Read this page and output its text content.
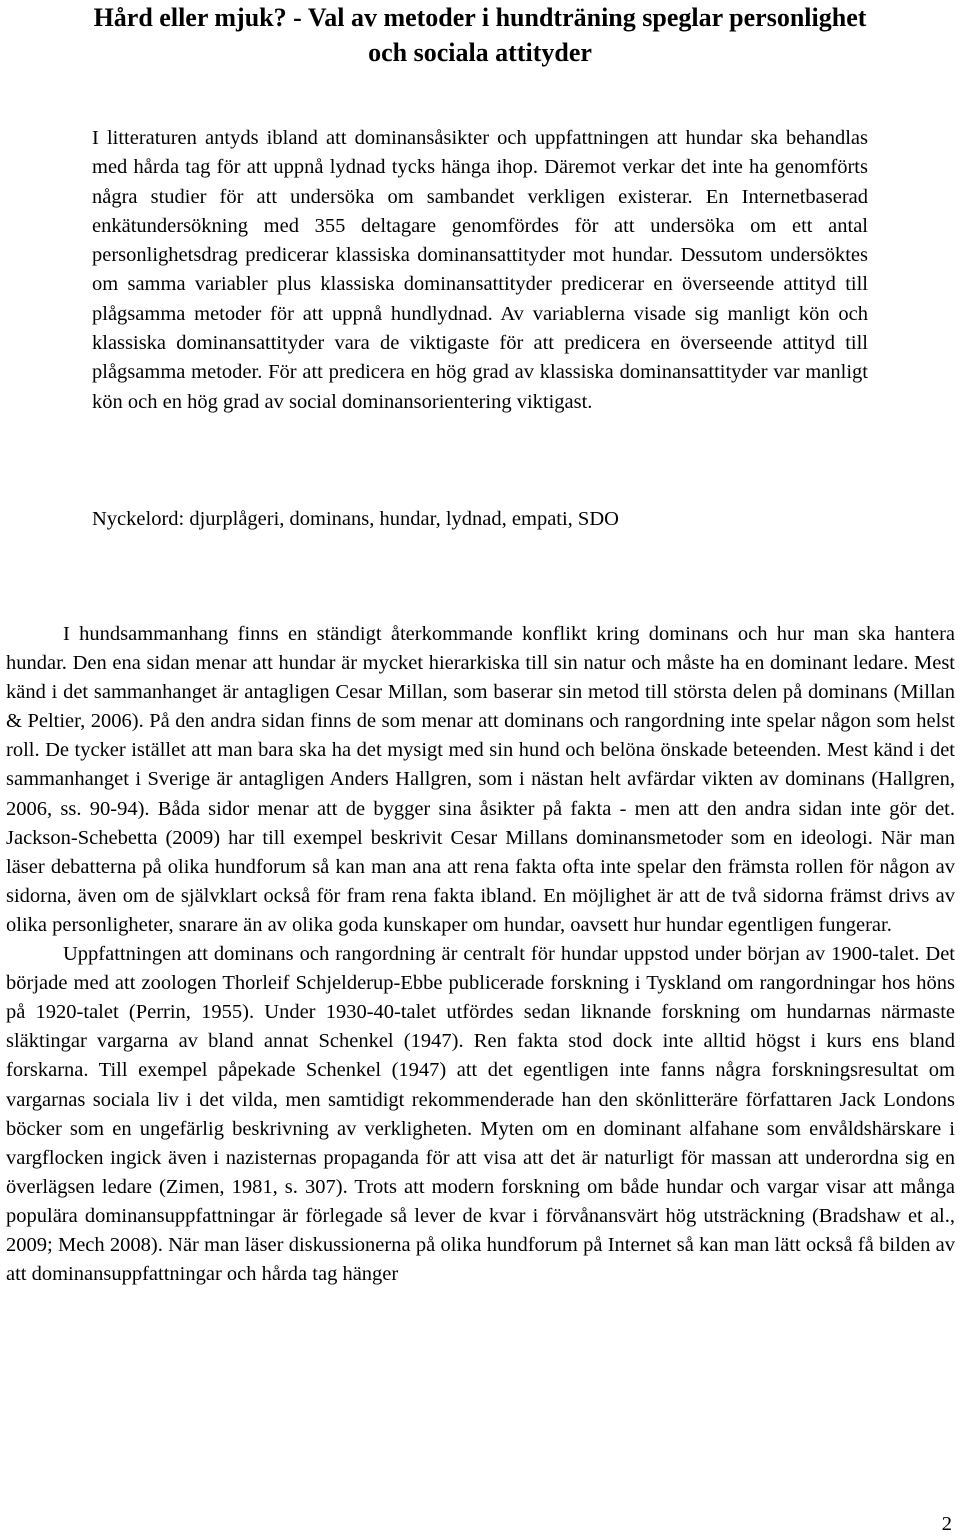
Hård eller mjuk? - Val av metoder i hundträning speglar personlighet och sociala attityder

I litteraturen antyds ibland att dominansåsikter och uppfattningen att hundar ska behandlas med hårda tag för att uppnå lydnad tycks hänga ihop. Däremot verkar det inte ha genomförts några studier för att undersöka om sambandet verkligen existerar. En Internetbaserad enkätundersökning med 355 deltagare genomfördes för att undersöka om ett antal personlighetsdrag predicerar klassiska dominansattityder mot hundar. Dessutom undersöktes om samma variabler plus klassiska dominansattityder predicerar en överseende attityd till plågsamma metoder för att uppnå hundlydnad. Av variablerna visade sig manligt kön och klassiska dominansattityder vara de viktigaste för att predicera en överseende attityd till plågsamma metoder. För att predicera en hög grad av klassiska dominansattityder var manligt kön och en hög grad av social dominansorientering viktigast.

Nyckelord: djurplågeri, dominans, hundar, lydnad, empati, SDO

I hundsammanhang finns en ständigt återkommande konflikt kring dominans och hur man ska hantera hundar. Den ena sidan menar att hundar är mycket hierarkiska till sin natur och måste ha en dominant ledare. Mest känd i det sammanhanget är antagligen Cesar Millan, som baserar sin metod till största delen på dominans (Millan & Peltier, 2006). På den andra sidan finns de som menar att dominans och rangordning inte spelar någon som helst roll. De tycker istället att man bara ska ha det mysigt med sin hund och belöna önskade beteenden. Mest känd i det sammanhanget i Sverige är antagligen Anders Hallgren, som i nästan helt avfärdar vikten av dominans (Hallgren, 2006, ss. 90-94). Båda sidor menar att de bygger sina åsikter på fakta - men att den andra sidan inte gör det. Jackson-Schebetta (2009) har till exempel beskrivit Cesar Millans dominansmetoder som en ideologi. När man läser debatterna på olika hundforum så kan man ana att rena fakta ofta inte spelar den främsta rollen för någon av sidorna, även om de självklart också för fram rena fakta ibland. En möjlighet är att de två sidorna främst drivs av olika personligheter, snarare än av olika goda kunskaper om hundar, oavsett hur hundar egentligen fungerar.

Uppfattningen att dominans och rangordning är centralt för hundar uppstod under början av 1900-talet. Det började med att zoologen Thorleif Schjelderup-Ebbe publicerade forskning i Tyskland om rangordningar hos höns på 1920-talet (Perrin, 1955). Under 1930-40-talet utfördes sedan liknande forskning om hundarnas närmaste släktingar vargarna av bland annat Schenkel (1947). Ren fakta stod dock inte alltid högst i kurs ens bland forskarna. Till exempel påpekade Schenkel (1947) att det egentligen inte fanns några forskningsresultat om vargarnas sociala liv i det vilda, men samtidigt rekommenderade han den skönlitteräre författaren Jack Londons böcker som en ungefärlig beskrivning av verkligheten. Myten om en dominant alfahane som envåldshärskare i vargflocken ingick även i nazisternas propaganda för att visa att det är naturligt för massan att underordna sig en överlägsen ledare (Zimen, 1981, s. 307). Trots att modern forskning om både hundar och vargar visar att många populära dominansuppfattningar är förlegade så lever de kvar i förvånansvärt hög utsträckning (Bradshaw et al., 2009; Mech 2008). När man läser diskussionerna på olika hundforum på Internet så kan man lätt också få bilden av att dominansuppfattningar och hårda tag hänger

2
